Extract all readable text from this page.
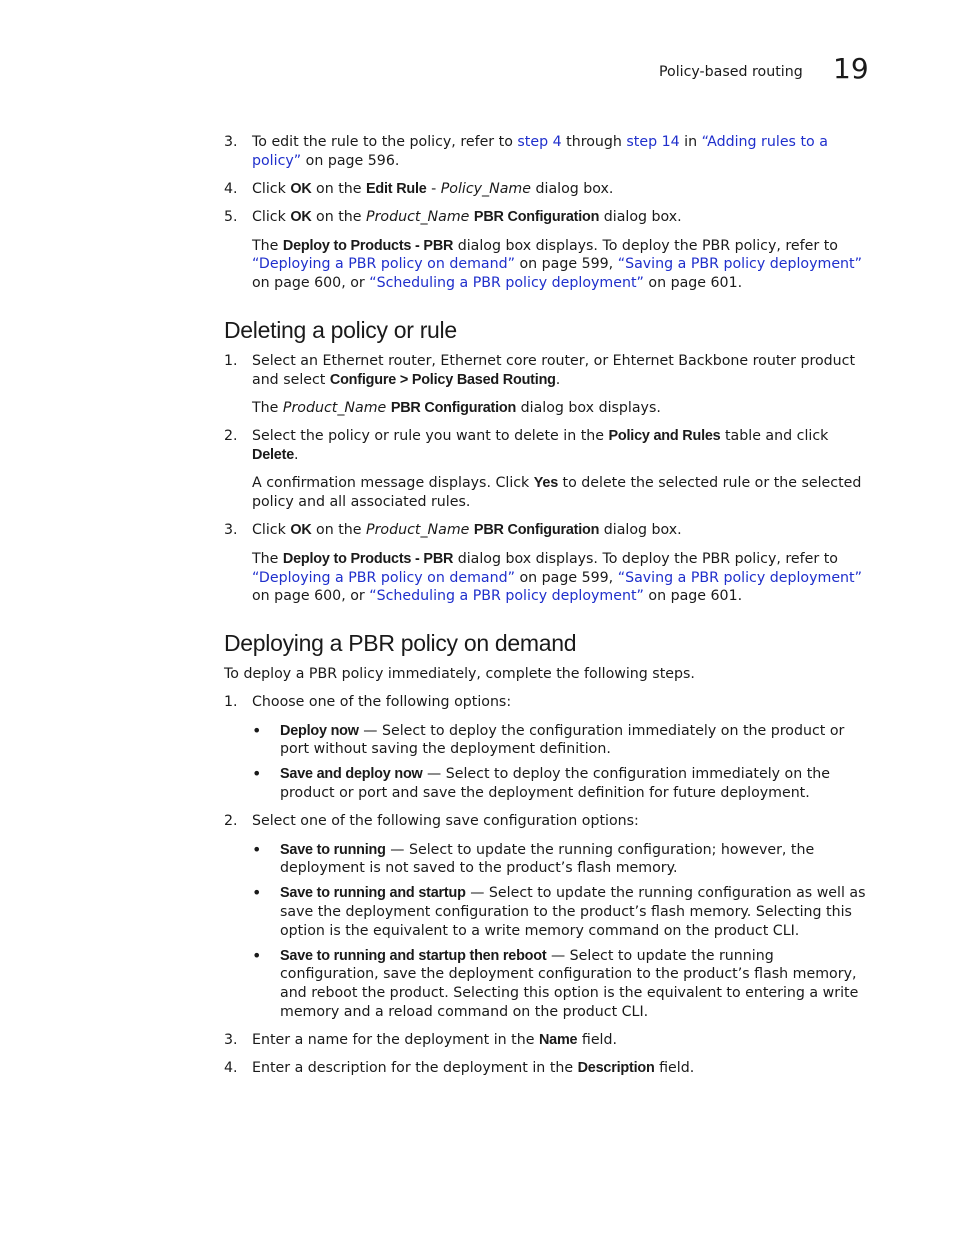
Policy-based routing 19
3. To edit the rule to the policy, refer to step 4 through step 14 in “Adding rules to a policy” on page 596.
4. Click OK on the Edit Rule - Policy_Name dialog box.
5. Click OK on the Product_Name PBR Configuration dialog box.
The Deploy to Products - PBR dialog box displays. To deploy the PBR policy, refer to “Deploying a PBR policy on demand” on page 599, “Saving a PBR policy deployment” on page 600, or “Scheduling a PBR policy deployment” on page 601.
Deleting a policy or rule
1. Select an Ethernet router, Ethernet core router, or Ehternet Backbone router product and select Configure > Policy Based Routing.
The Product_Name PBR Configuration dialog box displays.
2. Select the policy or rule you want to delete in the Policy and Rules table and click Delete.
A confirmation message displays. Click Yes to delete the selected rule or the selected policy and all associated rules.
3. Click OK on the Product_Name PBR Configuration dialog box.
The Deploy to Products - PBR dialog box displays. To deploy the PBR policy, refer to “Deploying a PBR policy on demand” on page 599, “Saving a PBR policy deployment” on page 600, or “Scheduling a PBR policy deployment” on page 601.
Deploying a PBR policy on demand

To deploy a PBR policy immediately, complete the following steps.

1. Choose one of the following options:
• Deploy now — Select to deploy the configuration immediately on the product or port without saving the deployment definition.
• Save and deploy now — Select to deploy the configuration immediately on the product or port and save the deployment definition for future deployment.
2. Select one of the following save configuration options:
• Save to running — Select to update the running configuration; however, the deployment is not saved to the product’s flash memory.
• Save to running and startup — Select to update the running configuration as well as save the deployment configuration to the product’s flash memory. Selecting this option is the equivalent to a write memory command on the product CLI.
• Save to running and startup then reboot — Select to update the running configuration, save the deployment configuration to the product’s flash memory, and reboot the product. Selecting this option is the equivalent to entering a write memory and a reload command on the product CLI.
3. Enter a name for the deployment in the Name field.
4. Enter a description for the deployment in the Description field.
